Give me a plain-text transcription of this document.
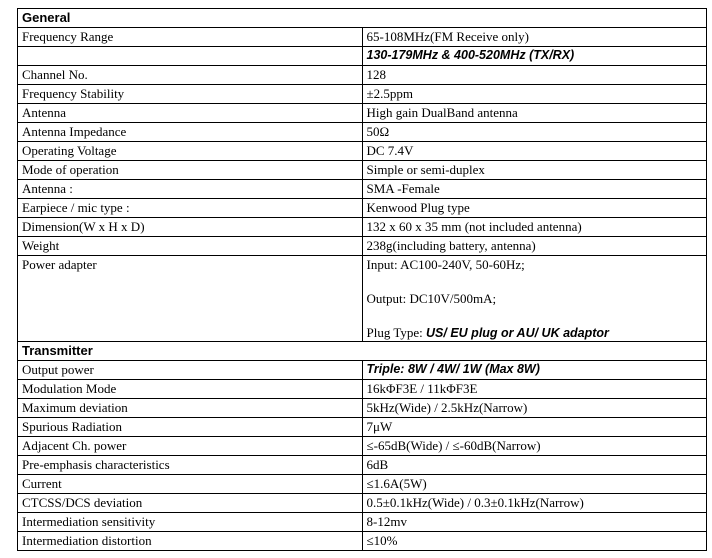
General	
Frequency Range	65-108MHz(FM Receive only)
	130-179MHz & 400-520MHz (TX/RX)
Channel No.	128
Frequency Stability	±2.5ppm
Antenna	High gain DualBand antenna
Antenna Impedance	50Ω
Operating Voltage	DC 7.4V
Mode of operation	Simple or semi-duplex
Antenna :	SMA -Female
Earpiece / mic type :	Kenwood Plug type
Dimension(W x H x D)	132 x 60 x 35 mm (not included antenna)
Weight	238g(including battery, antenna)
Power adapter	Input: AC100-240V, 50-60Hz;
Output: DC10V/500mA;
Plug Type: US/ EU plug or AU/ UK adaptor

Transmitter	
Output power	Triple: 8W / 4W/ 1W (Max 8W)
Modulation Mode	16kΦF3E / 11kΦF3E
Maximum deviation	5kHz(Wide) / 2.5kHz(Narrow)
Spurious Radiation	7μW
Adjacent Ch. power	≤-65dB(Wide) / ≤-60dB(Narrow)
Pre-emphasis characteristics	6dB
Current	≤1.6A(5W)
CTCSS/DCS deviation	0.5±0.1kHz(Wide) / 0.3±0.1kHz(Narrow)
Intermediation sensitivity	8-12mv
Intermediation distortion	≤10%
